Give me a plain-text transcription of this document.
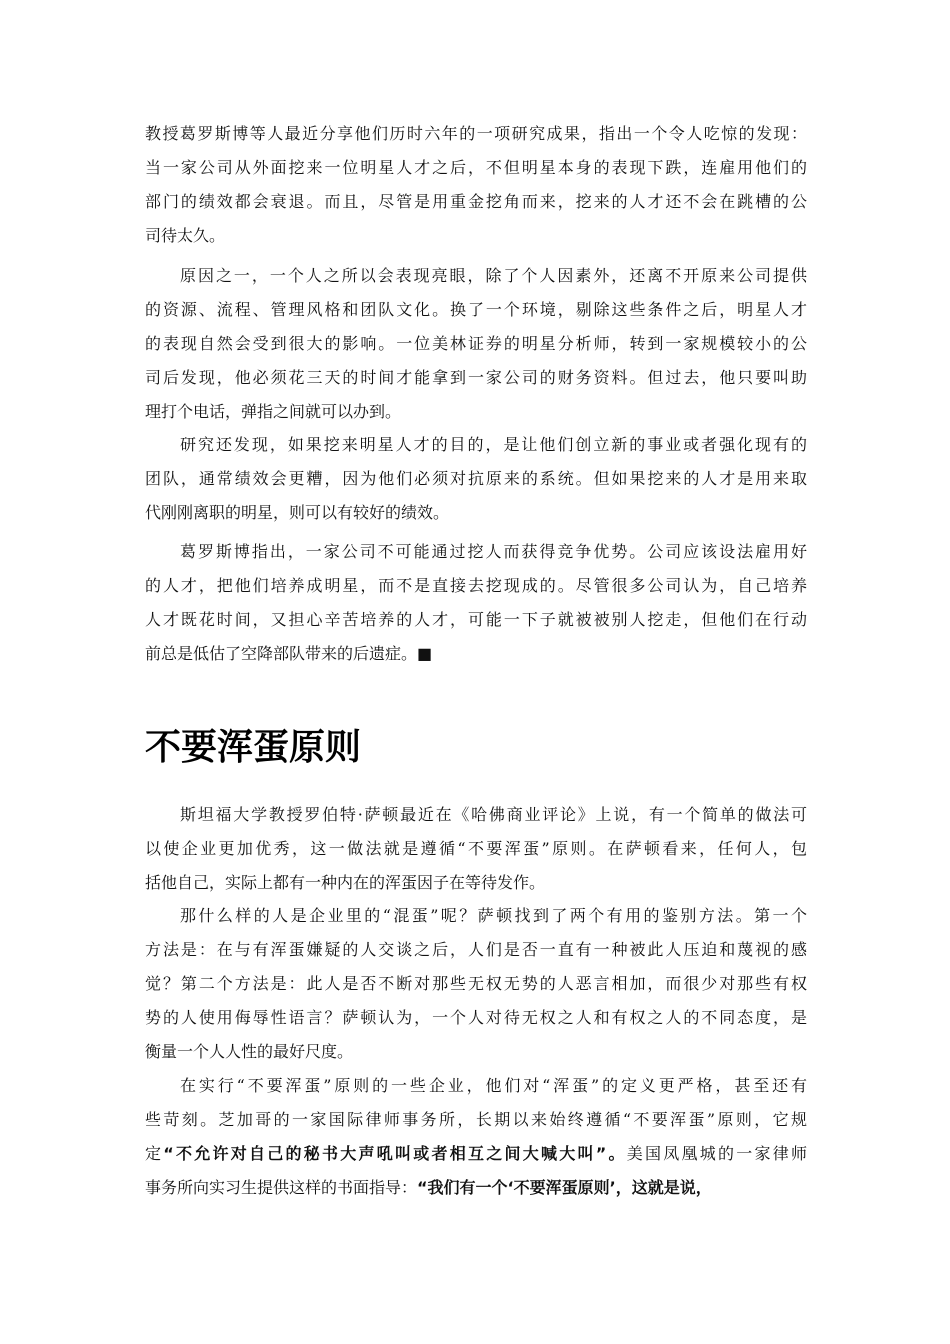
教授葛罗斯博等人最近分享他们历时六年的一项研究成果，指出一个令人吃惊的发现：
当一家公司从外面挖来一位明星人才之后，不但明星本身的表现下跌，连雇用他们的
部门的绩效都会衰退。而且，尽管是用重金挖角而来，挖来的人才还不会在跳槽的公
司待太久。

原因之一，一个人之所以会表现亮眼，除了个人因素外，还离不开原来公司提供
的资源、流程、管理风格和团队文化。换了一个环境，剔除这些条件之后，明星人才
的表现自然会受到很大的影响。一位美林证券的明星分析师，转到一家规模较小的公
司后发现，他必须花三天的时间才能拿到一家公司的财务资料。但过去，他只要叫助
理打个电话，弹指之间就可以办到。

研究还发现，如果挖来明星人才的目的，是让他们创立新的事业或者强化现有的
团队，通常绩效会更糟，因为他们必须对抗原来的系统。但如果挖来的人才是用来取
代刚刚离职的明星，则可以有较好的绩效。

葛罗斯博指出，一家公司不可能通过挖人而获得竞争优势。公司应该设法雇用好
的人才，把他们培养成明星，而不是直接去挖现成的。尽管很多公司认为，自己培养
人才既花时间，又担心辛苦培养的人才，可能一下子就被被别人挖走，但他们在行动
前总是低估了空降部队带来的后遗症。■

不要浑蛋原则

斯坦福大学教授罗伯特·萨顿最近在《哈佛商业评论》上说，有一个简单的做法可
以使企业更加优秀，这一做法就是遵循“不要浑蛋”原则。在萨顿看来，任何人，包
括他自己，实际上都有一种内在的浑蛋因子在等待发作。

那什么样的人是企业里的“混蛋”呢？萨顿找到了两个有用的鉴别方法。第一个
方法是：在与有浑蛋嫌疑的人交谈之后，人们是否一直有一种被此人压迫和蔑视的感
觉？第二个方法是：此人是否不断对那些无权无势的人恶言相加，而很少对那些有权
势的人使用侮辱性语言？萨顿认为，一个人对待无权之人和有权之人的不同态度，是
衡量一个人人性的最好尺度。

在实行“不要浑蛋”原则的一些企业，他们对“浑蛋”的定义更严格，甚至还有
些苛刻。芝加哥的一家国际律师事务所，长期以来始终遵循“不要浑蛋”原则，它规
定“不允许对自己的秘书大声吼叫或者相互之间大喊大叫”。美国凤凰城的一家律师
事务所向实习生提供这样的书面指导：“我们有一个‘不要浑蛋原则’，这就是说，
